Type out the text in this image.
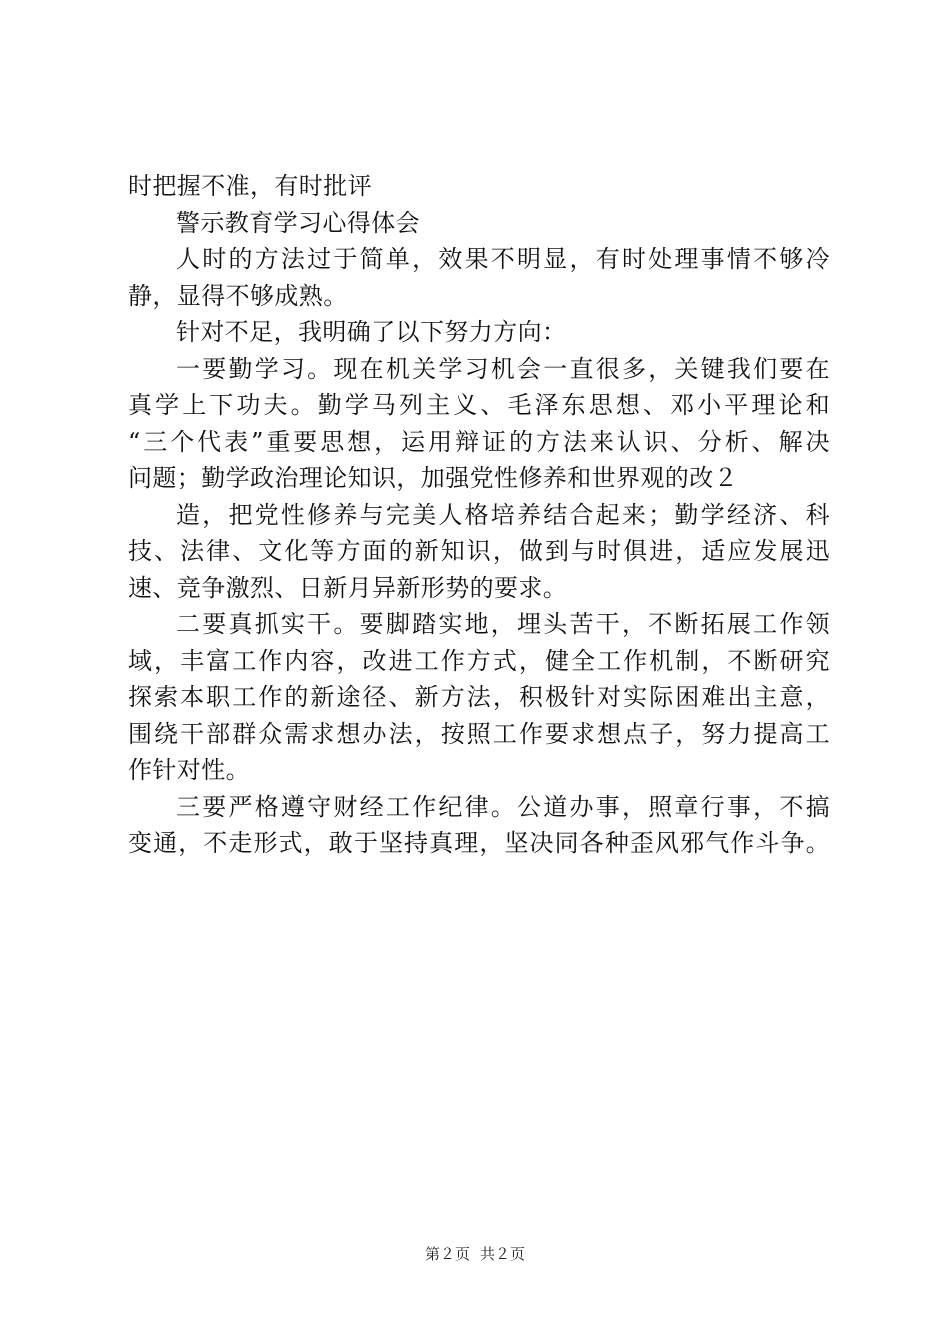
时把握不准，有时批评
警示教育学习心得体会
人时的方法过于简单，效果不明显，有时处理事情不够冷
静，显得不够成熟。
针对不足，我明确了以下努力方向：
一要勤学习。现在机关学习机会一直很多，关键我们要在
真学上下功夫。勤学马列主义、毛泽东思想、邓小平理论和
“三个代表”重要思想，运用辩证的方法来认识、分析、解决
问题；勤学政治理论知识，加强党性修养和世界观的改２
造，把党性修养与完美人格培养结合起来；勤学经济、科
技、法律、文化等方面的新知识，做到与时俱进，适应发展迅
速、竞争激烈、日新月异新形势的要求。
二要真抓实干。要脚踏实地，埋头苦干，不断拓展工作领
域，丰富工作内容，改进工作方式，健全工作机制，不断研究
探索本职工作的新途径、新方法，积极针对实际困难出主意，
围绕干部群众需求想办法，按照工作要求想点子，努力提高工
作针对性。
三要严格遵守财经工作纪律。公道办事，照章行事，不搞
变通，不走形式，敢于坚持真理，坚决同各种歪风邪气作斗争。
第２页 共２页
